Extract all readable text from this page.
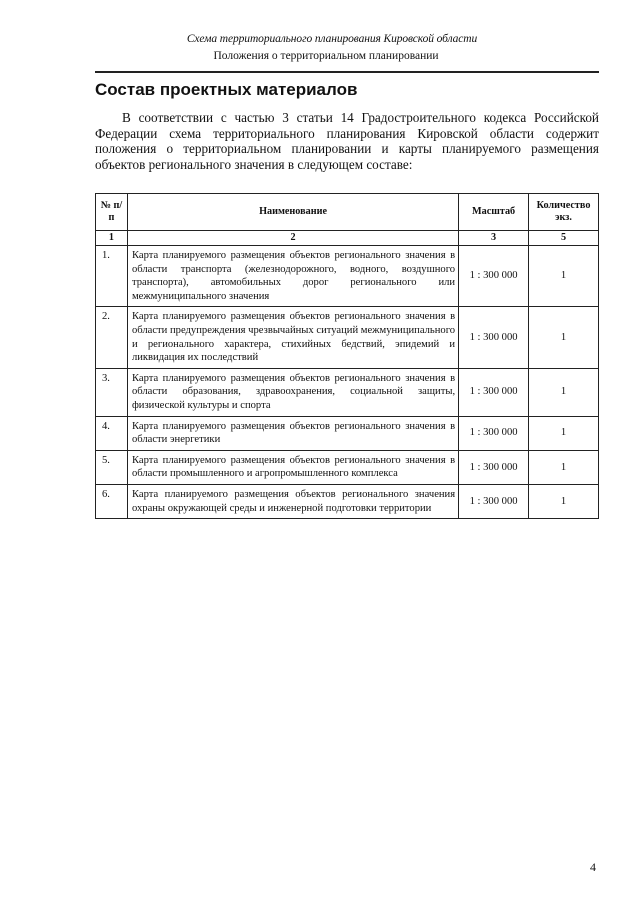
Схема территориального планирования Кировской области
Положения о территориальном планировании
Состав проектных материалов
В соответствии с частью 3 статьи 14 Градостроительного кодекса Российской Федерации схема территориального планирования Кировской области содержит положения о территориальном планировании и карты планируемого размещения объектов регионального значения в следующем составе:
№ п/п	Наименование	Масштаб	Количество экз.
1	2	3	5
1.	Карта планируемого размещения объектов регионального значения в области транспорта (железнодорожного, водного, воздушного транспорта), автомобильных дорог регионального или межмуниципального значения	1 : 300 000	1
2.	Карта планируемого размещения объектов регионального значения в области предупреждения чрезвычайных ситуаций межмуниципального и регионального характера, стихийных бедствий, эпидемий и ликвидация их последствий	1 : 300 000	1
3.	Карта планируемого размещения объектов регионального значения в области образования, здравоохранения, социальной защиты, физической культуры и спорта	1 : 300 000	1
4.	Карта планируемого размещения объектов регионального значения в области энергетики	1 : 300 000	1
5.	Карта планируемого размещения объектов регионального значения в области промышленного и агропромышленного комплекса	1 : 300 000	1
6.	Карта планируемого размещения объектов регионального значения охраны окружающей среды и инженерной подготовки территории	1 : 300 000	1
4
